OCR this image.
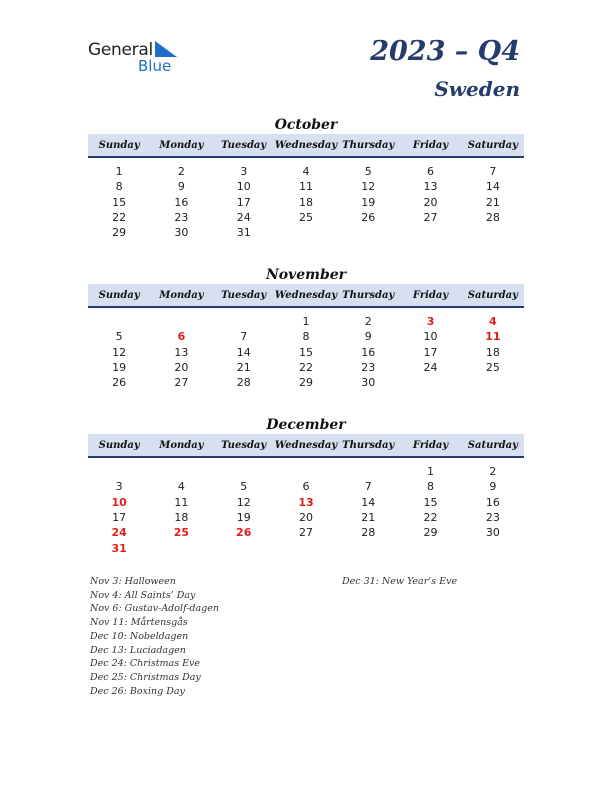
General
Blue	2023 – Q4
Sweden
October
Sunday	Monday	Tuesday	Wednesday	Thursday	Friday	Saturday

1	2	3	4	5	6	7
8	9	10	11	12	13	14
15	16	17	18	19	20	21
22	23	24	25	26	27	28
29	30	31				
November
Sunday	Monday	Tuesday	Wednesday	Thursday	Friday	Saturday

			1	2	3	4
5	6	7	8	9	10	11
12	13	14	15	16	17	18
19	20	21	22	23	24	25
26	27	28	29	30		
December
Sunday	Monday	Tuesday	Wednesday	Thursday	Friday	Saturday

					1	2
3	4	5	6	7	8	9
10	11	12	13	14	15	16
17	18	19	20	21	22	23
24	25	26	27	28	29	30
31						
Nov 3: Halloween
Nov 4: All Saints’ Day
Nov 6: Gustav-Adolf-dagen
Nov 11: Mårtensgås
Dec 10: Nobeldagen
Dec 13: Luciadagen
Dec 24: Christmas Eve
Dec 25: Christmas Day
Dec 26: Boxing Day
Dec 31: New Year’s Eve
